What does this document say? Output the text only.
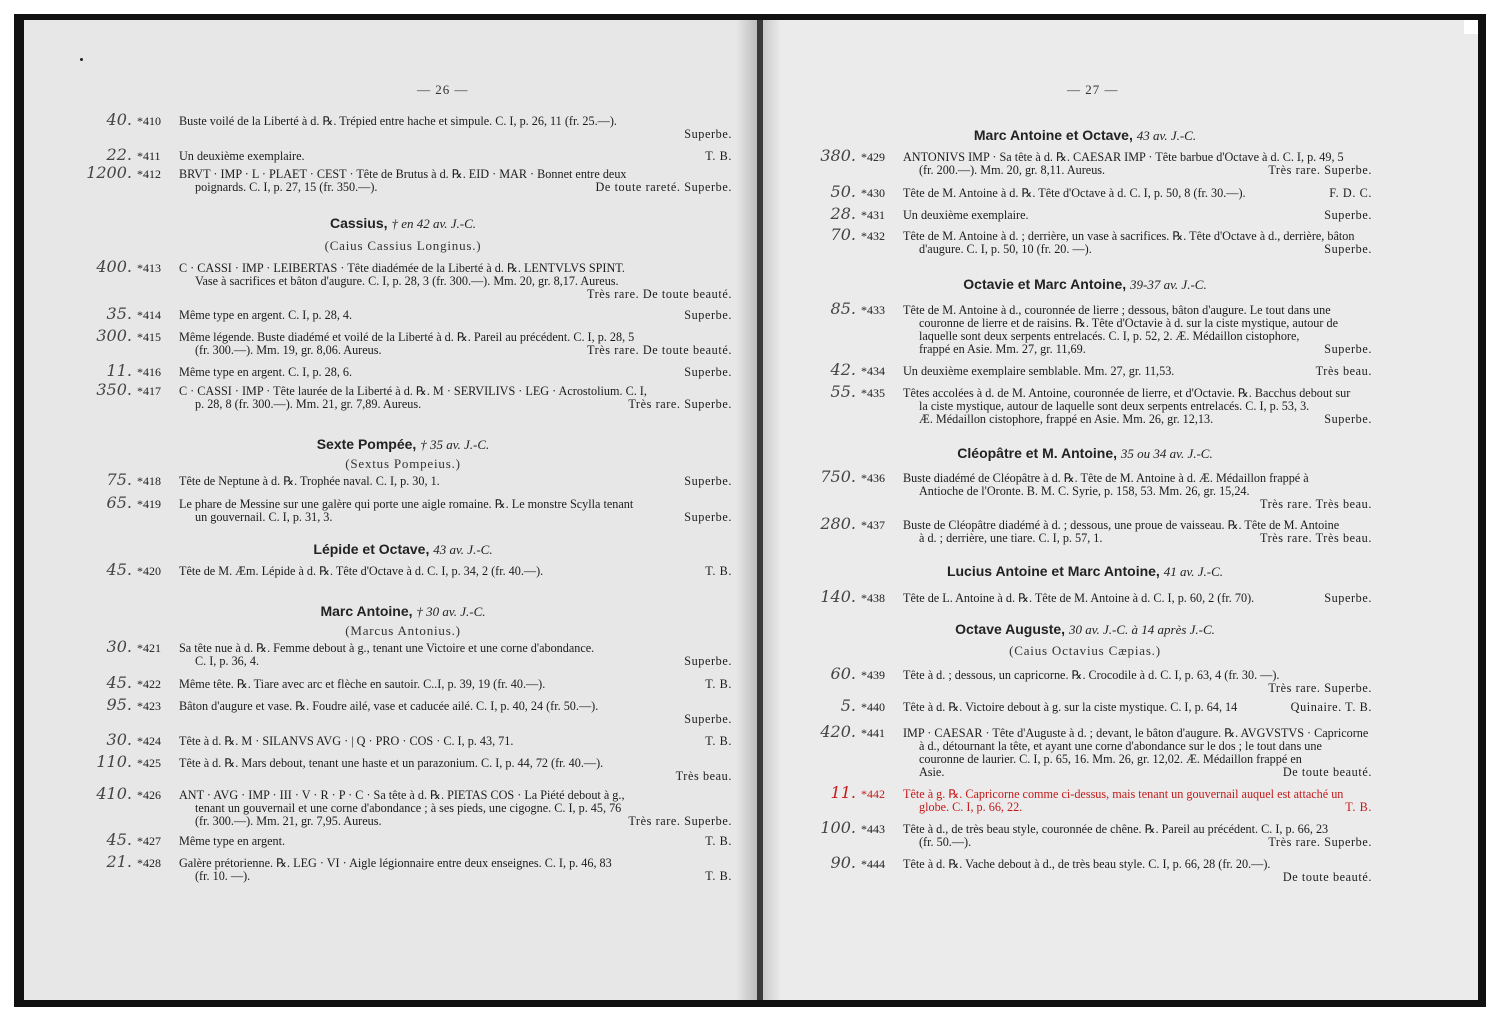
— 26 —
40. *410	Buste voilé de la Liberté à d. ℞. Trépied entre hache et simpule. C. I, p. 26, 11 (fr. 25.—).
Superbe.
22. *411	Un deuxième exemplaire.	T. B.
1200. *412	BRVT · IMP · L · PLAET · CEST · Tête de Brutus à d. ℞. EID · MAR · Bonnet entre deux
poignards. C. I, p. 27, 15 (fr. 350.—).	De toute rareté. Superbe.
400. *413	C · CASSI · IMP · LEIBERTAS · Tête diadémée de la Liberté à d. ℞. LENTVLVS SPINT.
Vase à sacrifices et bâton d'augure. C. I, p. 28, 3 (fr. 300.—). Mm. 20, gr. 8,17. Aureus.
Très rare. De toute beauté.
35. *414	Même type en argent. C. I, p. 28, 4.	Superbe.
300. *415	Même légende. Buste diadémé et voilé de la Liberté à d. ℞. Pareil au précédent. C. I, p. 28, 5
(fr. 300.—). Mm. 19, gr. 8,06. Aureus.	Très rare. De toute beauté.
11. *416	Même type en argent. C. I, p. 28, 6.	Superbe.
350. *417	C · CASSI · IMP · Tête laurée de la Liberté à d. ℞. M · SERVILIVS · LEG · Acrostolium. C. I,
p. 28, 8 (fr. 300.—). Mm. 21, gr. 7,89. Aureus.	Très rare. Superbe.
75. *418	Tête de Neptune à d. ℞. Trophée naval. C. I, p. 30, 1.	Superbe.
65. *419	Le phare de Messine sur une galère qui porte une aigle romaine. ℞. Le monstre Scylla tenant
un gouvernail. C. I, p. 31, 3.	Superbe.
45. *420	Tête de M. Æm. Lépide à d. ℞. Tête d'Octave à d. C. I, p. 34, 2 (fr. 40.—).	T. B.
30. *421	Sa tête nue à d. ℞. Femme debout à g., tenant une Victoire et une corne d'abondance.
C. I, p. 36, 4.	Superbe.
45. *422	Même tête. ℞. Tiare avec arc et flèche en sautoir. C..I, p. 39, 19 (fr. 40.—).	T. B.
95. *423	Bâton d'augure et vase. ℞. Foudre ailé, vase et caducée ailé. C. I, p. 40, 24 (fr. 50.—).
Superbe.
30. *424	Tête à d. ℞. M · SILANVS AVG · | Q · PRO · COS · C. I, p. 43, 71.	T. B.
110. *425	Tête à d. ℞. Mars debout, tenant une haste et un parazonium. C. I, p. 44, 72 (fr. 40.—).
Très beau.
410. *426	ANT · AVG · IMP · III · V · R · P · C · Sa tête à d. ℞. PIETAS COS · La Piété debout à g.,
tenant un gouvernail et une corne d'abondance ; à ses pieds, une cigogne. C. I, p. 45, 76
(fr. 300.—). Mm. 21, gr. 7,95. Aureus.	Très rare. Superbe.
45. *427	Même type en argent.	T. B.
21. *428	Galère prétorienne. ℞. LEG · VI · Aigle légionnaire entre deux enseignes. C. I, p. 46, 83
(fr. 10. —).	T. B.
Cassius, † en 42 av. J.-C.
Sexte Pompée, † 35 av. J.-C.
Lépide et Octave, 43 av. J.-C.
Marc Antoine, † 30 av. J.-C.
(Caius Cassius Longinus.)
(Sextus Pompeius.)
(Marcus Antonius.)
— 27 —
380. *429	ANTONIVS IMP · Sa tête à d. ℞. CAESAR IMP · Tête barbue d'Octave à d. C. I, p. 49, 5
(fr. 200.—). Mm. 20, gr. 8,11. Aureus.	Très rare. Superbe.
50. *430	Tête de M. Antoine à d. ℞. Tête d'Octave à d. C. I, p. 50, 8 (fr. 30.—).	F. D. C.
28. *431	Un deuxième exemplaire.	Superbe.
70. *432	Tête de M. Antoine à d. ; derrière, un vase à sacrifices. ℞. Tête d'Octave à d., derrière, bâton
d'augure. C. I, p. 50, 10 (fr. 20. —).	Superbe.
85. *433	Tête de M. Antoine à d., couronnée de lierre ; dessous, bâton d'augure. Le tout dans une
couronne de lierre et de raisins. ℞. Tête d'Octavie à d. sur la ciste mystique, autour de
laquelle sont deux serpents entrelacés. C. I, p. 52, 2. Æ. Médaillon cistophore,
frappé en Asie. Mm. 27, gr. 11,69.	Superbe.
42. *434	Un deuxième exemplaire semblable. Mm. 27, gr. 11,53.	Très beau.
55. *435	Têtes accolées à d. de M. Antoine, couronnée de lierre, et d'Octavie. ℞. Bacchus debout sur
la ciste mystique, autour de laquelle sont deux serpents entrelacés. C. I, p. 53, 3.
Æ. Médaillon cistophore, frappé en Asie. Mm. 26, gr. 12,13.	Superbe.
750. *436	Buste diadémé de Cléopâtre à d. ℞. Tête de M. Antoine à d. Æ. Médaillon frappé à
Antioche de l'Oronte. B. M. C. Syrie, p. 158, 53. Mm. 26, gr. 15,24.
Très rare. Très beau.
280. *437	Buste de Cléopâtre diadémé à d. ; dessous, une proue de vaisseau. ℞. Tête de M. Antoine
à d. ; derrière, une tiare. C. I, p. 57, 1.	Très rare. Très beau.
140. *438	Tête de L. Antoine à d. ℞. Tête de M. Antoine à d. C. I, p. 60, 2 (fr. 70).	Superbe.
60. *439	Tête à d. ; dessous, un capricorne. ℞. Crocodile à d. C. I, p. 63, 4 (fr. 30. —).
Très rare. Superbe.
5. *440	Tête à d. ℞. Victoire debout à g. sur la ciste mystique. C. I, p. 64, 14	Quinaire. T. B.
420. *441	IMP · CAESAR · Tête d'Auguste à d. ; devant, le bâton d'augure. ℞. AVGVSTVS · Capricorne
à d., détournant la tête, et ayant une corne d'abondance sur le dos ; le tout dans une
couronne de laurier. C. I, p. 65, 16. Mm. 26, gr. 12,02. Æ. Médaillon frappé en
Asie.	De toute beauté.
11. *442	Tête à g. ℞. Capricorne comme ci-dessus, mais tenant un gouvernail auquel est attaché un
globe. C. I, p. 66, 22.	T. B.
100. *443	Tête à d., de très beau style, couronnée de chêne. ℞. Pareil au précédent. C. I, p. 66, 23
(fr. 50.—).	Très rare. Superbe.
90. *444	Tête à d. ℞. Vache debout à d., de très beau style. C. I, p. 66, 28 (fr. 20.—).
De toute beauté.
Marc Antoine et Octave, 43 av. J.-C.
Octavie et Marc Antoine, 39-37 av. J.-C.
Cléopâtre et M. Antoine, 35 ou 34 av. J.-C.
Lucius Antoine et Marc Antoine, 41 av. J.-C.
Octave Auguste, 30 av. J.-C. à 14 après J.-C.
(Caius Octavius Cæpias.)
